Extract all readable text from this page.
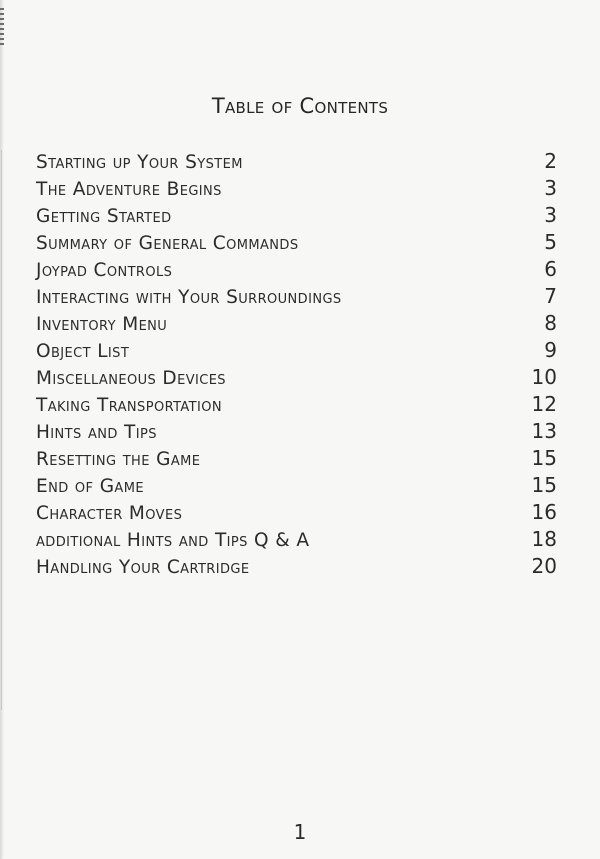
Table of Contents
Starting up Your System	2
The Adventure Begins	3
Getting Started	3
Summary of General Commands	5
Joypad Controls	6
Interacting with Your Surroundings	7
Inventory Menu	8
Object List	9
Miscellaneous Devices	10
Taking Transportation	12
Hints and Tips	13
Resetting the Game	15
End of Game	15
Character Moves	16
additional Hints and Tips Q & A	18
Handling Your Cartridge	20
1
